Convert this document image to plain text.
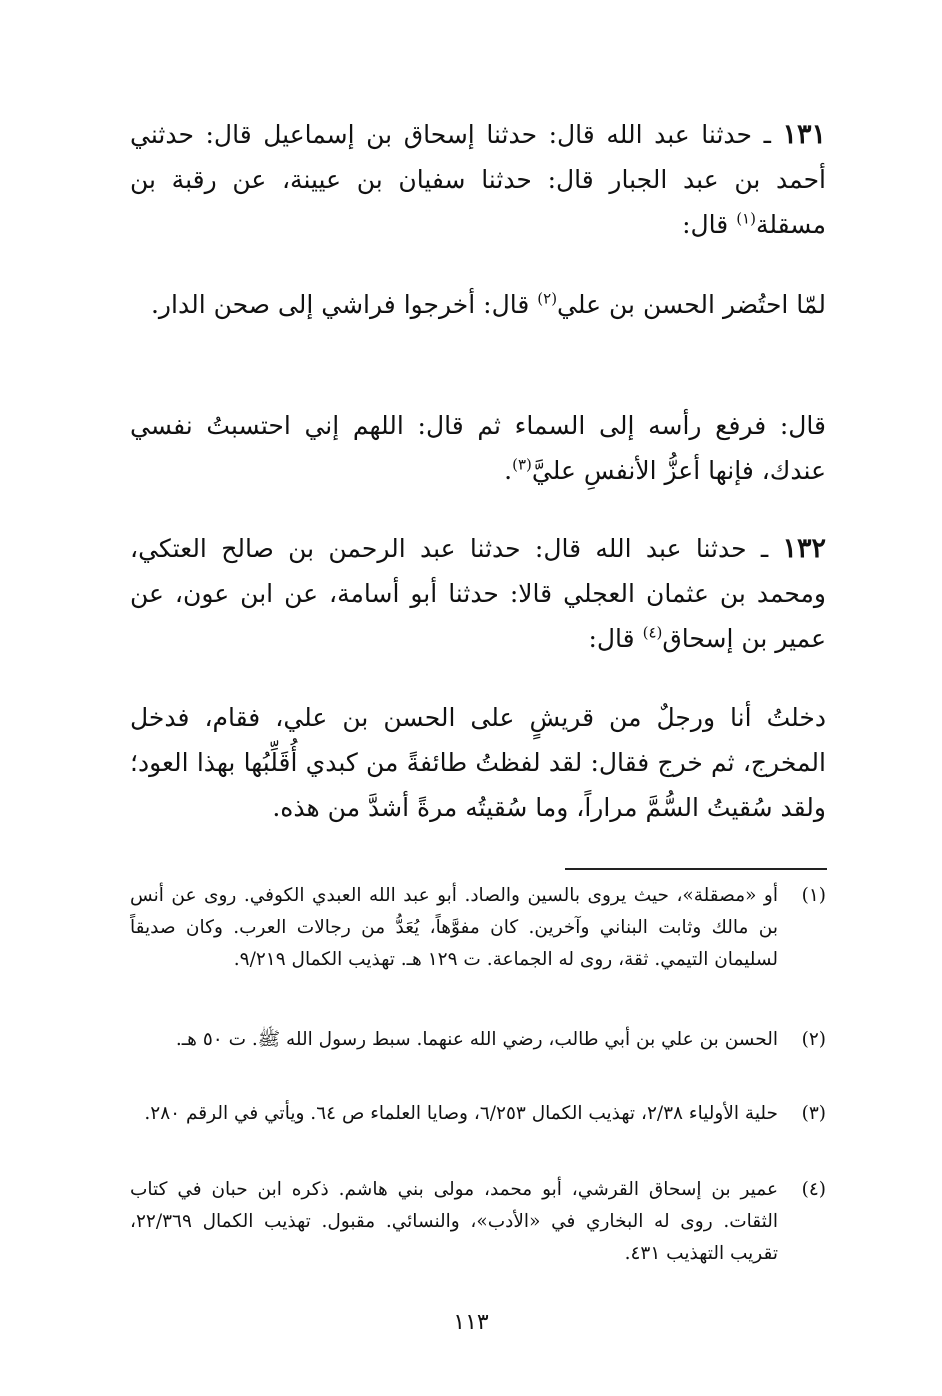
١٣١ ـ حدثنا عبد الله قال: حدثنا إسحاق بن إسماعيل قال: حدثني أحمد بن عبد الجبار قال: حدثنا سفيان بن عيينة، عن رقبة بن مسقلة$^{(١)}$ قال:
لمّا احتُضر الحسن بن علي$^{(٢)}$ قال: أخرجوا فراشي إلى صحن الدار.
قال: فرفع رأسه إلى السماء ثم قال: اللهم إني احتسبتُ نفسي عندك، فإنها أعزُّ الأنفسِ عليَّ$^{(٣)}$.
١٣٢ ـ حدثنا عبد الله قال: حدثنا عبد الرحمن بن صالح العتكي، ومحمد بن عثمان العجلي قالا: حدثنا أبو أسامة، عن ابن عون، عن عمير بن إسحاق$^{(٤)}$ قال:
دخلتُ أنا ورجلٌ من قريشٍ على الحسن بن علي، فقام، فدخل المخرج، ثم خرج فقال: لقد لفظتُ طائفةً من كبدي أُقَلِّبُها بهذا العود؛ ولقد سُقيتُ السُّمَّ مراراً، وما سُقيتُه مرةً أشدَّ من هذه.
(١)
أو «مصقلة»، حيث يروى بالسين والصاد. أبو عبد الله العبدي الكوفي. روى عن أنس بن مالك وثابت البناني وآخرين. كان مفوَّهاً، يُعَدُّ من رجالات العرب. وكان صديقاً لسليمان التيمي. ثقة، روى له الجماعة. ت ١٢٩ هـ. تهذيب الكمال ٩/٢١٩.
(٢)
الحسن بن علي بن أبي طالب، رضي الله عنهما. سبط رسول الله ﷺ. ت ٥٠ هـ.
(٣)
حلية الأولياء ٢/٣٨، تهذيب الكمال ٦/٢٥٣، وصايا العلماء ص ٦٤. ويأتي في الرقم ٢٨٠.
(٤)
عمير بن إسحاق القرشي، أبو محمد، مولى بني هاشم. ذكره ابن حبان في كتاب الثقات. روى له البخاري في «الأدب»، والنسائي. مقبول. تهذيب الكمال ٢٢/٣٦٩، تقريب التهذيب ٤٣١.
١١٣
